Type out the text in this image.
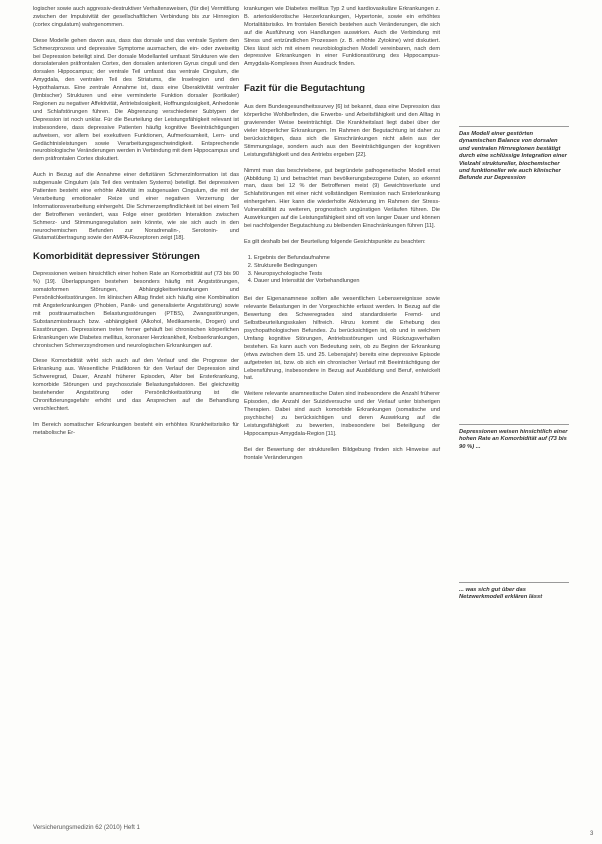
logischer sowie auch aggressiv-destruktiver Verhaltensweisen, (für die) Vermittlung zwischen der Impulsivität der gesellschaftlichen Verbindung bis zur Hirnregion (cortex cingulatum) wahrgenommen.

Diese Modelle gehen davon aus, dass das dorsale und das ventrale System den Schmerzprozess und depressive Symptome ausmachen, die ein- oder zweiseitig bei Depression beteiligt sind. Der dorsale Modellanteil umfasst Strukturen wie den dorsolateralen präfrontalen Cortex, den dorsalen anterioren Gyrus cinguli und den dorsalen Hippocampus; der ventrale Teil umfasst das ventrale Cingulum, die Amygdala, den ventralen Teil des Striatums, die Inselregion und den Hypothalamus. Eine zentrale Annahme ist, dass eine Überaktivität ventraler (limbischer) Strukturen und eine verminderte Funktion dorsaler (kortikaler) Regionen zu negativer Affektivität, Antriebslosigkeit, Hoffnungslosigkeit, Anhedonie und Schlafstörungen führen. Die Abgrenzung verschiedener Subtypen der Depression ist noch unklar. Für die Beurteilung der Leistungsfähigkeit relevant ist insbesondere, dass depressive Patienten häufig kognitive Beeinträchtigungen aufweisen, vor allem bei exekutiven Funktionen, Aufmerksamkeit, Lern- und Gedächtnisleistungen sowie Verarbeitungsgeschwindigkeit. Entsprechende neurobiologische Veränderungen werden in Verbindung mit dem Hippocampus und dem präfrontalen Cortex diskutiert.

Auch in Bezug auf die Annahme einer defizitären Schmerzinformation ist das subgenuale Cingulum (als Teil des ventralen Systems) beteiligt. Bei depressiven Patienten besteht eine erhöhte Aktivität im subgenualen Cingulum, die mit der Verarbeitung emotionaler Reize und einer negativen Verzerrung der Informationsverarbeitung einhergeht. Die Schmerzempfindlichkeit ist bei einem Teil der Betroffenen verändert, was Folge einer gestörten Interaktion zwischen Schmerz- und Stimmungsregulation sein könnte, wie sie sich auch in den neurochemischen Befunden zur Noradrenalin-, Serotonin- und Glutamatübertragung sowie der AMPA-Rezeptoren zeigt [18].

Komorbidität depressiver Störungen

Depressionen weisen hinsichtlich einer hohen Rate an Komorbidität auf (73 bis 90 %) [19]. Überlappungen bestehen besonders häufig mit Angststörungen, somatoformen Störungen, Abhängigkeitserkrankungen und Persönlichkeitsstörungen. Im klinischen Alltag findet sich häufig eine Kombination mit Angsterkrankungen (Phobien, Panik- und generalisierte Angststörung) sowie mit posttraumatischen Belastungsstörungen (PTBS), Zwangsstörungen, Substanzmissbrauch bzw. -abhängigkeit (Alkohol, Medikamente, Drogen) und Essstörungen. Depressionen treten ferner gehäuft bei chronischen körperlichen Erkrankungen wie Diabetes mellitus, koronarer Herzkrankheit, Krebserkrankungen, chronischen Schmerzsyndromen und neurologischen Erkrankungen auf.

Diese Komorbidität wirkt sich auch auf den Verlauf und die Prognose der Erkrankung aus. Wesentliche Prädiktoren für den Verlauf der Depression sind Schweregrad, Dauer, Anzahl früherer Episoden, Alter bei Ersterkrankung, komorbide Störungen und psychosoziale Belastungsfaktoren. Bei gleichzeitig bestehender Angststörung oder Persönlichkeitsstörung ist die Chronifizierungsgefahr erhöht und das Ansprechen auf die Behandlung verschlechtert.

Im Bereich somatischer Erkrankungen besteht ein erhöhtes Krankheitsrisiko für metabolische Er-

krankungen wie Diabetes mellitus Typ 2 und kardiovaskuläre Erkrankungen z. B. arteriosklerotische Herzerkrankungen, Hypertonie, sowie ein erhöhtes Mortalitätsrisiko. Im frontalen Bereich bestehen auch Veränderungen, die sich auf die Ausführung von Handlungen auswirken. Auch die Verbindung mit Stress und entzündlichen Prozessen (z. B. erhöhte Zytokine) wird diskutiert. Dies lässt sich mit einem neurobiologischen Modell vereinbaren, nach dem depressive Erkrankungen in einer Funktionsstörung des Hippocampus-Amygdala-Komplexes ihren Ausdruck finden.

Fazit für die Begutachtung

Aus dem Bundesgesundheitssurvey [6] ist bekannt, dass eine Depression das körperliche Wohlbefinden, die Erwerbs- und Arbeitsfähigkeit und den Alltag in gravierender Weise beeinträchtigt. Die Krankheitslast liegt dabei über der vieler körperlicher Erkrankungen. Im Rahmen der Begutachtung ist daher zu berücksichtigen, dass sich die Einschränkungen nicht allein aus der Stimmungslage, sondern auch aus den Beeinträchtigungen der kognitiven Leistungsfähigkeit und des Antriebs ergeben [22].

Nimmt man das beschriebene, gut begründete pathogenetische Modell ernst (Abbildung 1) und betrachtet man bevölkerungsbezogene Daten, so erkennt man, dass bei 12 % der Betroffenen meist (9) Gewichtsverluste und Schlafstörungen mit einer nicht vollständigen Remission nach Ersterkrankung einhergehen. Hier kann die wiederholte Aktivierung im Rahmen der Stress-Vulnerabilität zu weiteren, prognostisch ungünstigen Verläufen führen. Die Auswirkungen auf die Leistungsfähigkeit sind oft von langer Dauer und können bei nachfolgender Begutachtung zu bleibenden Einschränkungen führen [11].

Es gilt deshalb bei der Beurteilung folgende Gesichtspunkte zu beachten:

1. Ergebnis der Befundaufnahme
2. Strukturelle Bedingungen
3. Neuropsychologische Tests
4. Dauer und Intensität der Vorbehandlungen

Bei der Eigenanamnese sollten alle wesentlichen Lebensereignisse sowie relevante Belastungen in der Vorgeschichte erfasst werden. In Bezug auf die Bewertung des Schweregrades sind standardisierte Fremd- und Selbstbeurteilungsskalen hilfreich. Hinzu kommt die Erhebung des psychopathologischen Befundes. Zu berücksichtigen ist, ob und in welchem Umfang kognitive Störungen, Antriebsstörungen und Rückzugsverhalten bestehen. Es kann auch von Bedeutung sein, ob zu Beginn der Erkrankung (etwa zwischen dem 15. und 25. Lebensjahr) bereits eine depressive Episode aufgetreten ist, bzw. ob sich ein chronischer Verlauf mit Beeinträchtigung der Lebensführung, insbesondere in Bezug auf Ausbildung und Beruf, entwickelt hat.

Weitere relevante anamnestische Daten sind insbesondere die Anzahl früherer Episoden, die Anzahl der Suizidversuche und der Verlauf unter bisherigen Therapien. Dabei sind auch komorbide Erkrankungen (somatische und psychische) zu berücksichtigen und deren Auswirkung auf die Leistungsfähigkeit zu bewerten, insbesondere bei Beteiligung der Hippocampus-Amygdala-Region [11].

Bei der Bewertung der strukturellen Bildgebung finden sich Hinweise auf frontale Veränderungen

Das Modell einer gestörten dynamischen Balance von dorsalen und ventralen Hirnregionen bestätigt durch eine schlüssige Integration einer Vielzahl struktureller, biochemischer und funktioneller wie auch klinischer Befunde zur Depression
Depressionen weisen hinsichtlich einer hohen Rate an Komorbidität auf (73 bis 90 %) ...
... was sich gut über das Netzwerkmodell erklären lässt
Versicherungsmedizin 62 (2010) Heft 1
3
